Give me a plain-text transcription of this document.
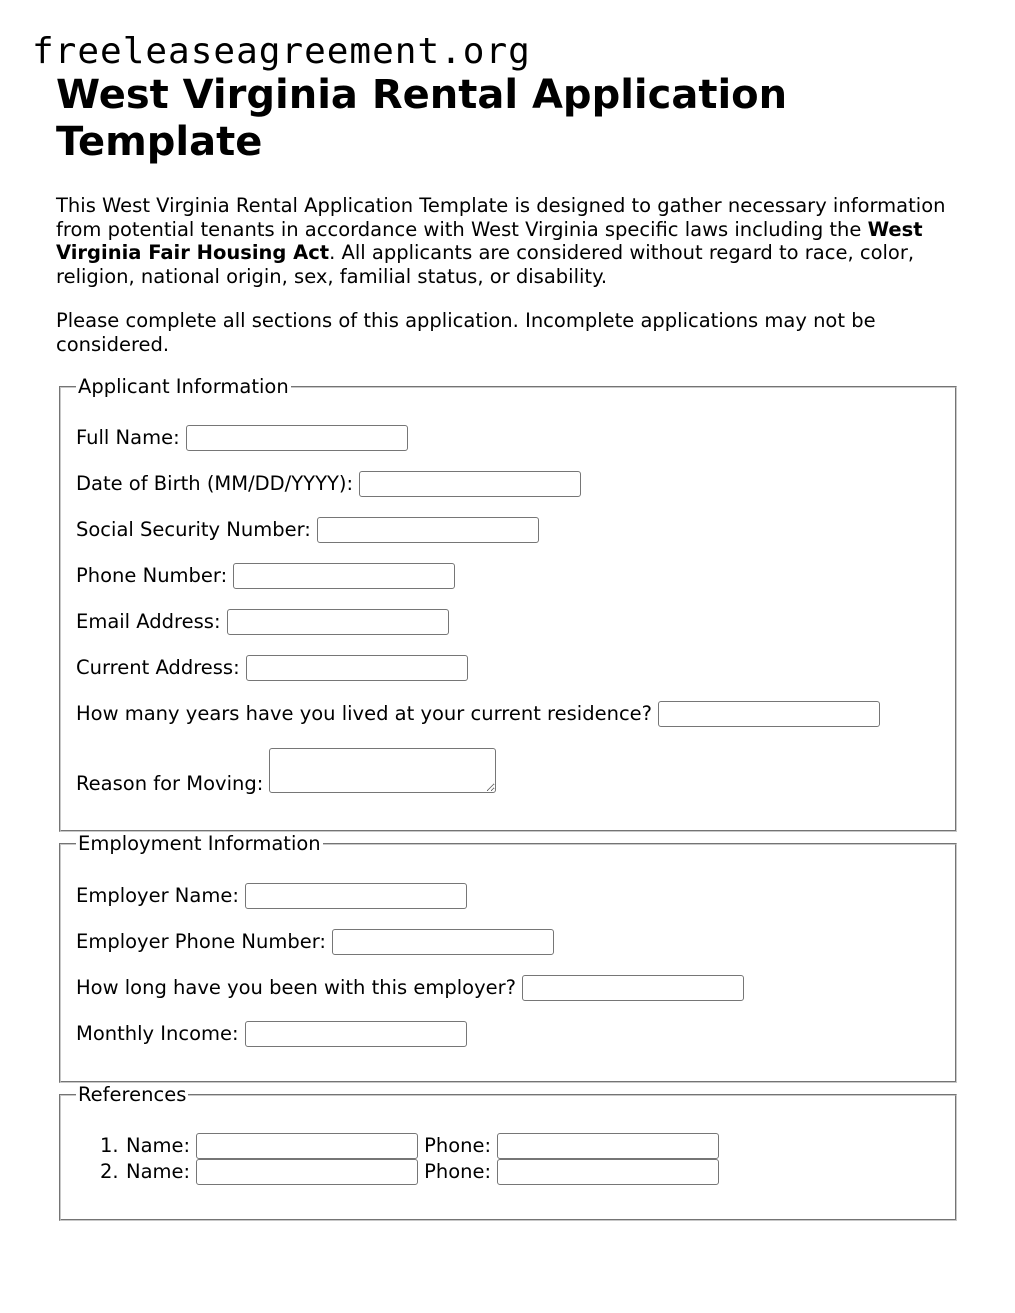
freeleaseagreement.org
West Virginia Rental Application Template

This West Virginia Rental Application Template is designed to gather necessary information from potential tenants in accordance with West Virginia specific laws including the West Virginia Fair Housing Act. All applicants are considered without regard to race, color, religion, national origin, sex, familial status, or disability.

Please complete all sections of this application. Incomplete applications may not be considered.

Applicant Information
Full Name:
Date of Birth (MM/DD/YYYY):
Social Security Number:
Phone Number:
Email Address:
Current Address:
How many years have you lived at your current residence?
Reason for Moving:
Employment Information
Employer Name:
Employer Phone Number:
How long have you been with this employer?
Monthly Income:
References
1. Name:	Phone:
2. Name:	Phone:
